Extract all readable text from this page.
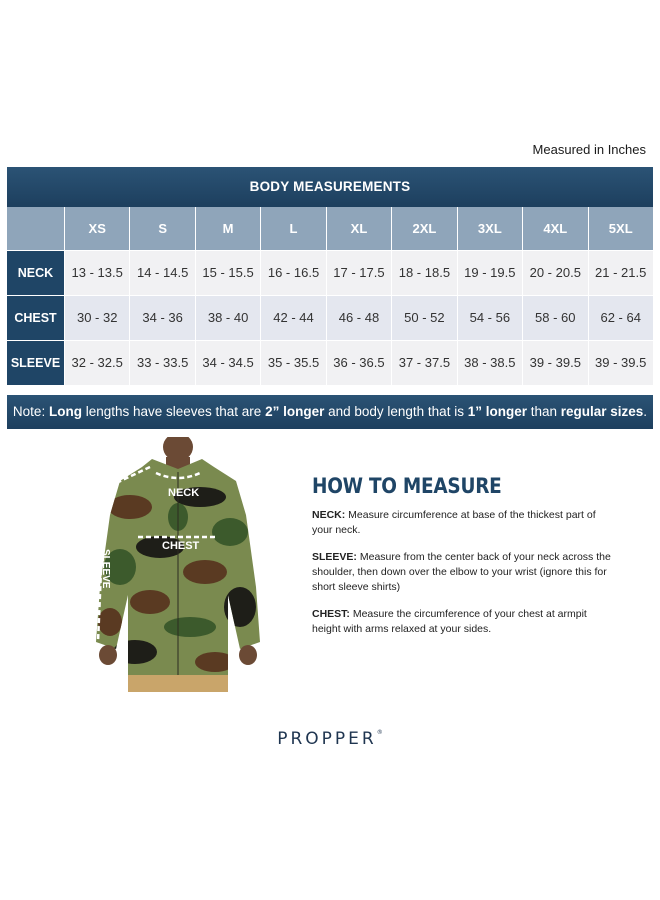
Measured in Inches
BODY MEASUREMENTS
XS	S	M	L	XL	2XL	3XL	4XL	5XL
NECK	13 - 13.5	14 - 14.5	15 - 15.5	16 - 16.5	17 - 17.5	18 - 18.5	19 - 19.5	20 - 20.5	21 - 21.5
CHEST	30 - 32	34 - 36	38 - 40	42 - 44	46 - 48	50 - 52	54 - 56	58 - 60	62 - 64
SLEEVE 32 - 32.5	33 - 33.5	34 - 34.5	35 - 35.5	36 - 36.5	37 - 37.5	38 - 38.5	39 - 39.5	39 - 39.5
Note: Long lengths have sleeves that are 2” longer and body length that is 1” longer than regular sizes.
NECK
CHEST
SLEEVE
HOW TO MEASURE

NECK: Measure circumference at base of the thickest part of your neck.

SLEEVE: Measure from the center back of your neck across the shoulder, then down over the elbow to your wrist (ignore this for short sleeve shirts)

CHEST: Measure the circumference of your chest at armpit height with arms relaxed at your sides.

PROPPER®
